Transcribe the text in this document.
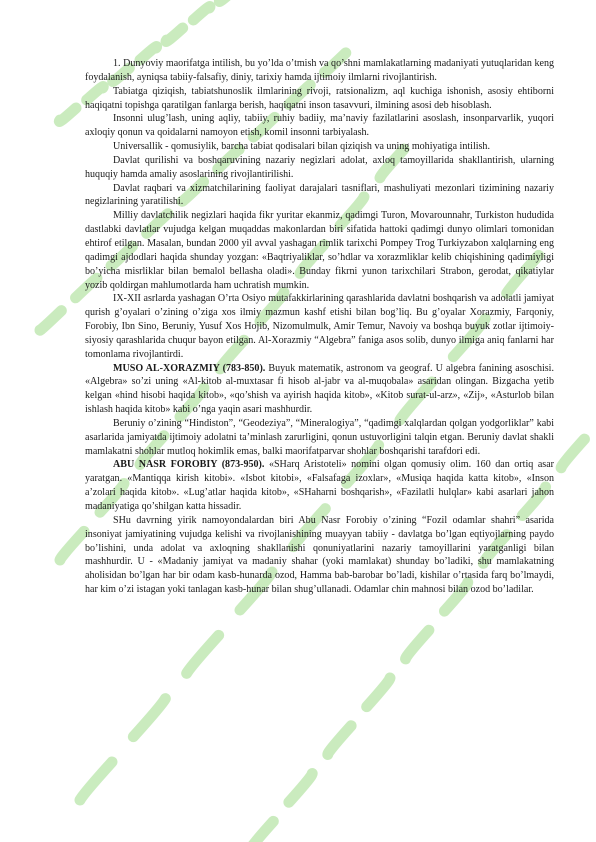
1. Dunyoviy maorifatga intilish, bu yo’lda o’tmish va qo’shni mamlakatlarning madaniyati yutuqlaridan keng foydalanish, ayniqsa tabiiy-falsafiy, diniy, tarixiy hamda ijtimoiy ilmlarni rivojlantirish.

Tabiatga qiziqish, tabiatshunoslik ilmlarining rivoji, ratsionalizm, aql kuchiga ishonish, asosiy ehtiborni haqiqatni topishga qaratilgan fanlarga berish, haqiqatni inson tasavvuri, ilmining asosi deb hisoblash.

Insonni ulug’lash, uning aqliy, tabiiy, ruhiy badiiy, ma’naviy fazilatlarini asoslash, insonparvarlik, yuqori axloqiy qonun va qoidalarni namoyon etish, komil insonni tarbiyalash.

Universallik - qomusiylik, barcha tabiat qodisalari bilan qiziqish va uning mohiyatiga intilish.

Davlat qurilishi va boshqaruvining nazariy negizlari adolat, axloq tamoyillarida shakllantirish, ularning huquqiy hamda amaliy asoslarining rivojlantirilishi.

Davlat raqbari va xizmatchilarining faoliyat darajalari tasniflari, mashuliyati mezonlari tizimining nazariy negizlarining yaratilishi.

Milliy davlatchilik negizlari haqida fikr yuritar ekanmiz, qadimgi Turon, Movarounnahr, Turkiston hududida dastlabki davlatlar vujudga kelgan muqaddas makonlardan biri sifatida hattoki qadimgi dunyo olimlari tomonidan ehtirof etilgan. Masalan, bundan 2000 yil avval yashagan rimlik tarixchi Pompey Trog Turkiyzabon xalqlarning eng qadimgi ajdodlari haqida shunday yozgan: «Baqtriyaliklar, so’hdlar va xorazmliklar kelib chiqishining qadimiyligi bo’yicha misrliklar bilan bemalol bellasha oladi». Bunday fikrni yunon tarixchilari Strabon, gerodat, qikatiylar yozib qoldirgan mahlumotlarda ham uchratish mumkin.

IX-XII asrlarda yashagan O’rta Osiyo mutafakkirlarining qarashlarida davlatni boshqarish va adolatli jamiyat qurish g’oyalari o’zining o’ziga xos ilmiy mazmun kashf etishi bilan bog’liq. Bu g’oyalar Xorazmiy, Farqoniy, Forobiy, Ibn Sino, Beruniy, Yusuf Xos Hojib, Nizomulmulk, Amir Temur, Navoiy va boshqa buyuk zotlar ijtimoiy-siyosiy qarashlarida chuqur bayon etilgan. Al-Xorazmiy “Algebra” faniga asos solib, dunyo ilmiga aniq fanlarni har tomonlama rivojlantirdi.

MUSO AL-XORAZMIY (783-850). Buyuk matematik, astronom va geograf. U algebra fanining asoschisi. «Algebra» so’zi uning «Al-kitob al-muxtasar fi hisob al-jabr va al-muqobala» asaridan olingan. Bizgacha yetib kelgan «hind hisobi haqida kitob», «qo’shish va ayirish haqida kitob», «Kitob surat-ul-arz», «Zij», «Asturlob bilan ishlash haqida kitob» kabi o’nga yaqin asari mashhurdir.

Beruniy o’zining “Hindiston”, “Geodeziya”, “Mineralogiya”, “qadimgi xalqlardan qolgan yodgorliklar” kabi asarlarida jamiyatda ijtimoiy adolatni ta’minlash zarurligini, qonun ustuvorligini talqin etgan. Beruniy davlat shakli mamlakatni shohlar mutloq hokimlik emas, balki maorifatparvar shohlar boshqarishi tarafdori edi.

ABU NASR FOROBIY (873-950). «SHarq Aristoteli» nomini olgan qomusiy olim. 160 dan ortiq asar yaratgan. «Mantiqqa kirish kitobi». «Isbot kitobi», «Falsafaga izoxlar», «Musiqa haqida katta kitob», «Inson a’zolari haqida kitob». «Lug’atlar haqida kitob», «SHaharni boshqarish», «Fazilatli hulqlar» kabi asarlari jahon madaniyatiga qo’shilgan katta hissadir.

SHu davrning yirik namoyondalardan biri Abu Nasr Forobiy o’zining “Fozil odamlar shahri” asarida insoniyat jamiyatining vujudga kelishi va rivojlanishining muayyan tabiiy - davlatga bo’lgan eqtiyojlarning paydo bo’lishini, unda adolat va axloqning shakllanishi qonuniyatlarini nazariy tamoyillarini yaratganligi bilan mashhurdir. U - «Madaniy jamiyat va madaniy shahar (yoki mamlakat) shunday bo’ladiki, shu mamlakatning aholisidan bo’lgan har bir odam kasb-hunarda ozod, Hamma bab-barobar bo’ladi, kishilar o’rtasida farq bo’lmaydi, har kim o’zi istagan yoki tanlagan kasb-hunar bilan shug’ullanadi. Odamlar chin mahnosi bilan ozod bo’ladilar.
